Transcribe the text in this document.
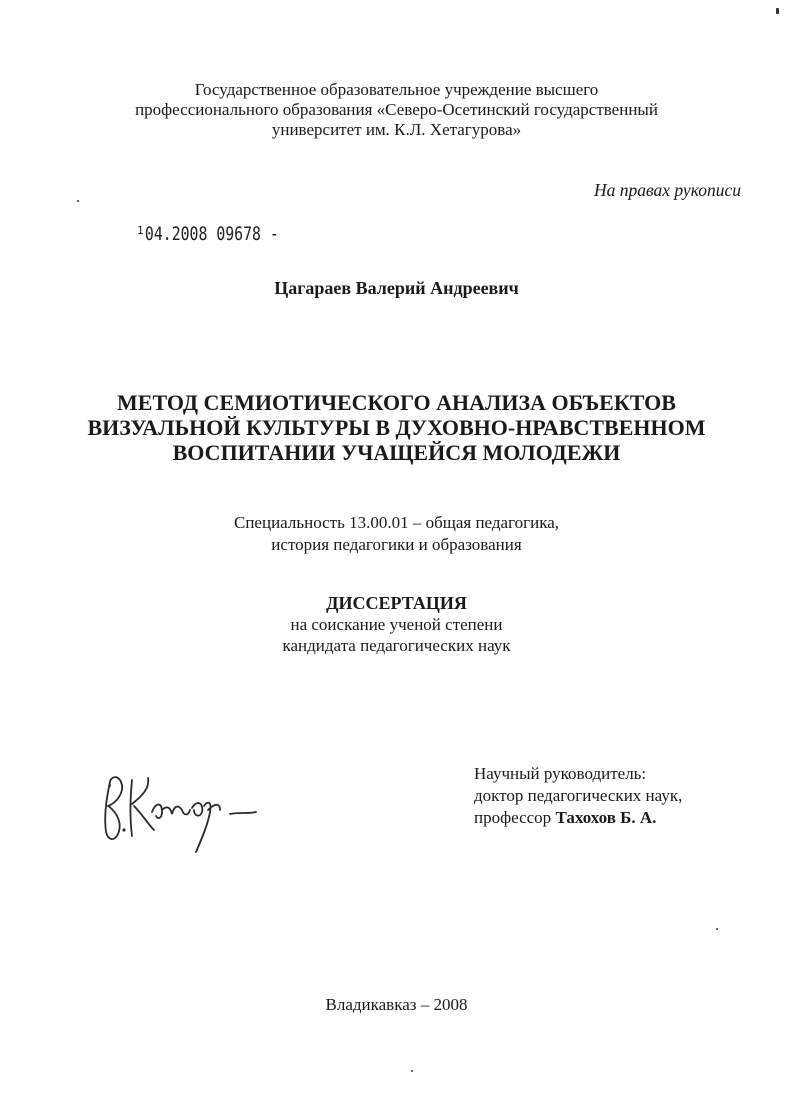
Государственное образовательное учреждение высшего
профессионального образования «Северо-Осетинский государственный
университет им. К.Л. Хетагурова»
На правах рукописи
¹04.2008 09678 -
Цагараев Валерий Андреевич
МЕТОД СЕМИОТИЧЕСКОГО АНАЛИЗА ОБЪЕКТОВ
ВИЗУАЛЬНОЙ КУЛЬТУРЫ В ДУХОВНО-НРАВСТВЕННОМ
ВОСПИТАНИИ УЧАЩЕЙСЯ МОЛОДЕЖИ
Специальность 13.00.01 – общая педагогика,
история педагогики и образования
ДИССЕРТАЦИЯ
на соискание ученой степени
кандидата педагогических наук
Научный руководитель:
доктор педагогических наук,
профессор Тахохов Б. А.
Владикавказ – 2008
